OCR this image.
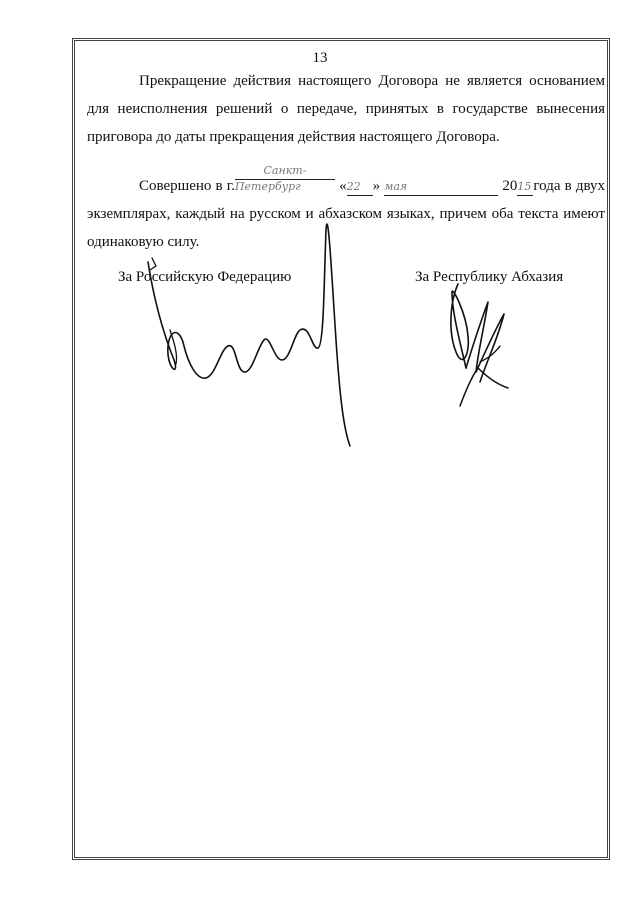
13

Прекращение действия настоящего Договора не является основанием
для неисполнения решений о передаче, принятых в государстве вынесения
приговора до даты прекращения действия настоящего Договора.

Совершено в г.Санкт-Петербург	«22 » мая	2015 года в двух
экземплярах, каждый на русском и абхазском языках, причем оба текста имеют
одинаковую силу.

За Российскую Федерацию	За Республику Абхазия
